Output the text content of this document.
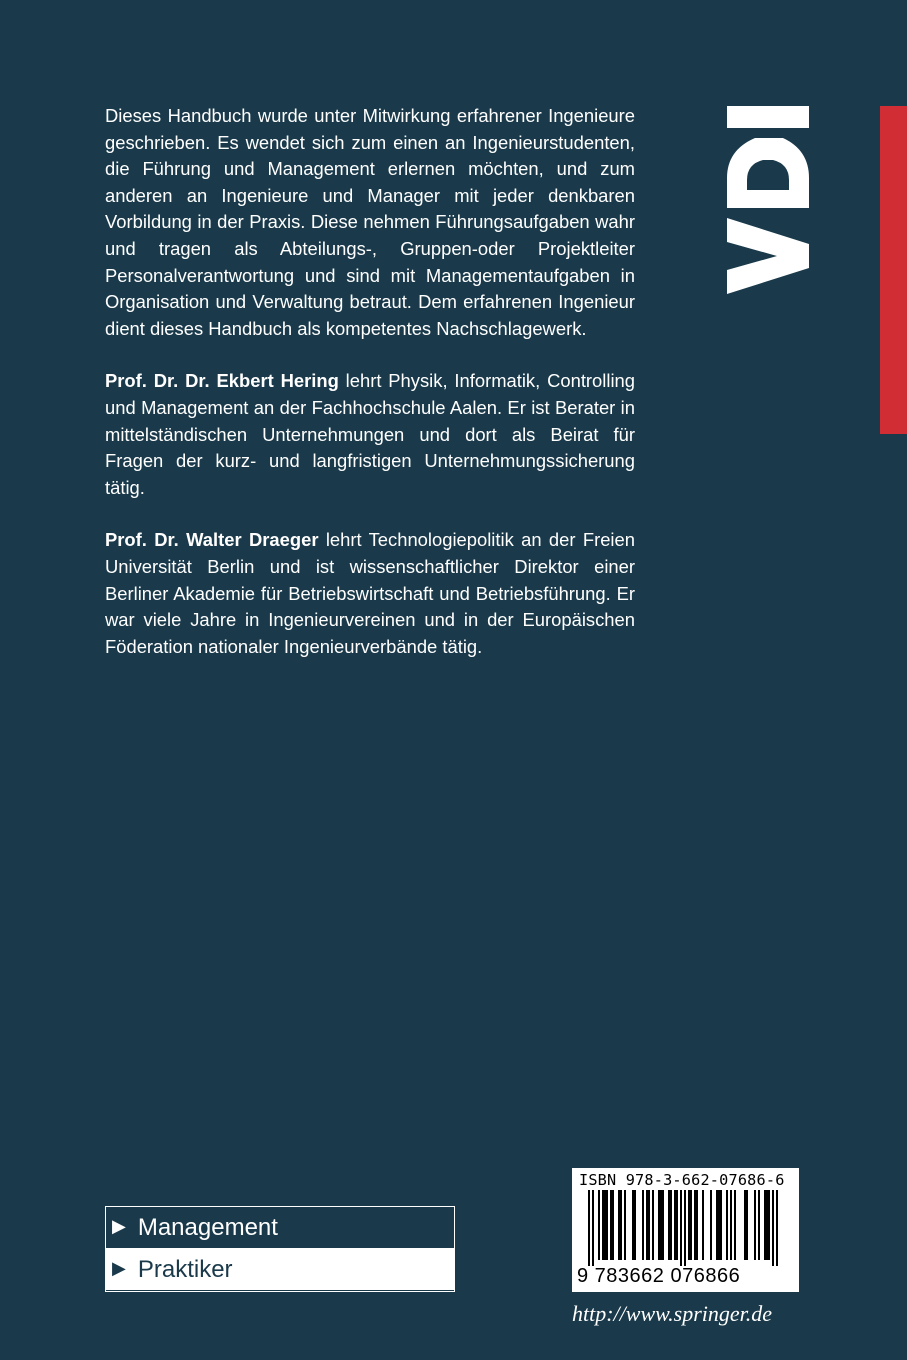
Dieses Handbuch wurde unter Mitwirkung erfahrener Ingenieure geschrieben. Es wendet sich zum einen an Ingenieurstudenten, die Führung und Management erlernen möchten, und zum anderen an Ingenieure und Manager mit jeder denkbaren Vorbildung in der Praxis. Diese nehmen Führungsaufgaben wahr und tragen als Abteilungs-, Gruppen-oder Projektleiter Personalverantwortung und sind mit Managementaufgaben in Organisation und Verwaltung betraut. Dem erfahrenen Ingenieur dient dieses Handbuch als kompetentes Nachschlagewerk.

Prof. Dr. Dr. Ekbert Hering lehrt Physik, Informatik, Controlling und Management an der Fachhochschule Aalen. Er ist Berater in mittelständischen Unternehmungen und dort als Beirat für Fragen der kurz- und langfristigen Unternehmungssicherung tätig.

Prof. Dr. Walter Draeger lehrt Technologiepolitik an der Freien Universität Berlin und ist wissenschaftlicher Direktor einer Berliner Akademie für Betriebswirtschaft und Betriebsführung. Er war viele Jahre in Ingenieurvereinen und in der Europäischen Föderation nationaler Ingenieurverbände tätig.

▶ Management
▶ Praktiker
ISBN 978-3-662-07686-6
9 783662 076866
http://www.springer.de
